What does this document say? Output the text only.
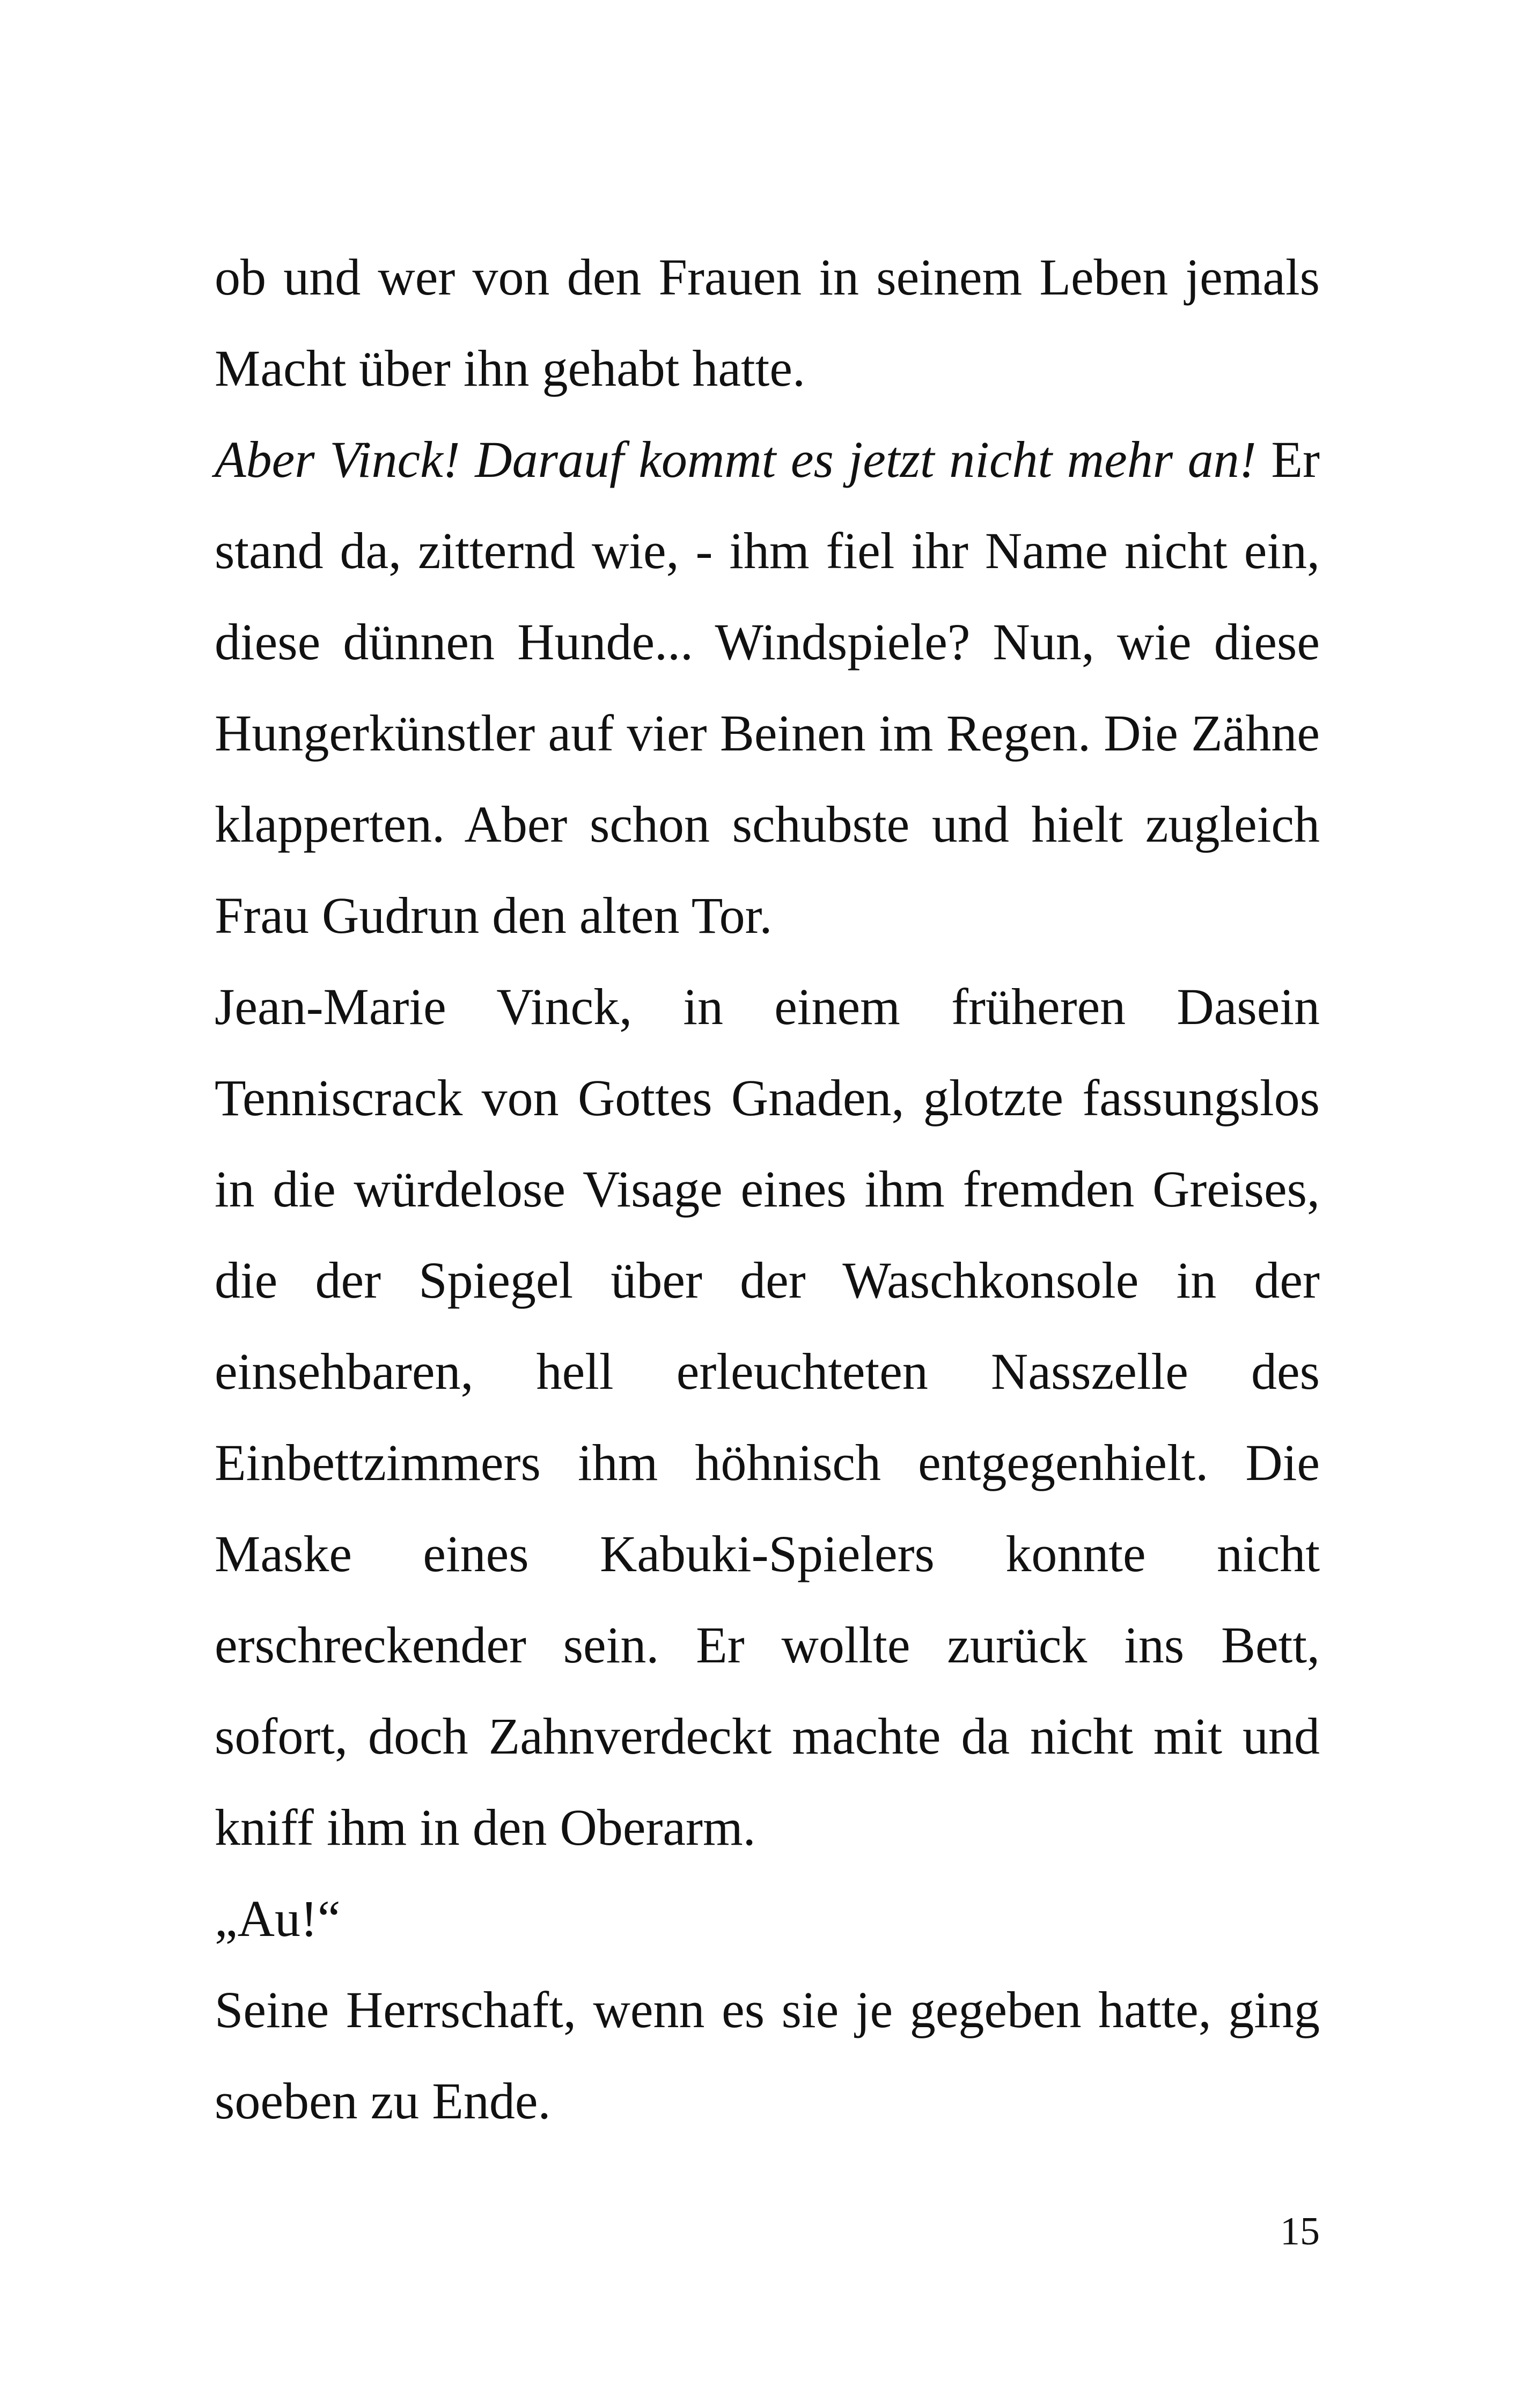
ob und wer von den Frauen in seinem Leben jemals Macht über ihn gehabt hatte.

Aber Vinck! Darauf kommt es jetzt nicht mehr an! Er stand da, zitternd wie, - ihm fiel ihr Name nicht ein, diese dünnen Hunde... Windspiele? Nun, wie diese Hungerkünstler auf vier Beinen im Regen. Die Zähne klapperten. Aber schon schubste und hielt zugleich Frau Gudrun den alten Tor.

Jean-Marie Vinck, in einem früheren Dasein Tenniscrack von Gottes Gnaden, glotzte fassungslos in die würdelose Visage eines ihm fremden Greises, die der Spiegel über der Waschkonsole in der einsehbaren, hell erleuchteten Nasszelle des Einbettzimmers ihm höhnisch entgegenhielt. Die Maske eines Kabuki-Spielers konnte nicht erschreckender sein. Er wollte zurück ins Bett, sofort, doch Zahnverdeckt machte da nicht mit und kniff ihm in den Oberarm.

„Au!“

Seine Herrschaft, wenn es sie je gegeben hatte, ging soeben zu Ende.

15
